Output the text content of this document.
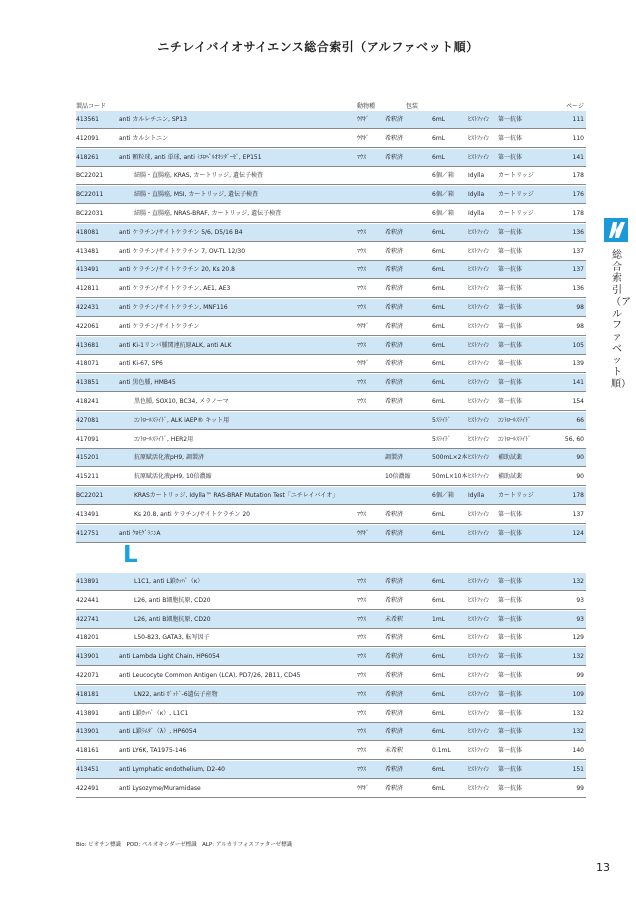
ニチレイバイオサイエンス総合索引（アルファベット順）
製品コード	動物種	包装	ページ
413561	anti カルレチニン, SP13	ｳｻｷﾞ	希釈済	6mL	ﾋｽﾄﾌｧｲﾝ 第一抗体	111
412091	anti カルシトニン	ｳｻｷﾞ	希釈済	6mL	ﾋｽﾄﾌｧｲﾝ 第一抗体	110
418261	anti 顆粒球, anti 単球, anti ﾐｴﾛﾍﾟﾙｵｷｼﾀﾞｰｾﾞ, EP151	ﾏｳｽ	希釈済	6mL	ﾋｽﾄﾌｧｲﾝ 第一抗体	141
BC22021	結腸・直腸癌, KRAS, カートリッジ, 遺伝子検査	6個／箱 Idylla カートリッジ	178
BC22011	結腸・直腸癌, MSI, カートリッジ, 遺伝子検査	6個／箱 Idylla カートリッジ	176
BC22031	結腸・直腸癌, NRAS-BRAF, カートリッジ, 遺伝子検査	6個／箱 Idylla カートリッジ	178
418081	anti ケラチン/サイトケラチン 5/6, D5/16 B4	ﾏｳｽ	希釈済	6mL	ﾋｽﾄﾌｧｲﾝ 第一抗体	136
413481	anti ケラチン/サイトケラチン 7, OV-TL 12/30	ﾏｳｽ	希釈済	6mL	ﾋｽﾄﾌｧｲﾝ 第一抗体	137
413491	anti ケラチン/サイトケラチン 20, Ks 20.8	ﾏｳｽ	希釈済	6mL	ﾋｽﾄﾌｧｲﾝ 第一抗体	137
412811	anti ケラチン/サイトケラチン, AE1, AE3	ﾏｳｽ	希釈済	6mL	ﾋｽﾄﾌｧｲﾝ 第一抗体	136
422431	anti ケラチン/サイトケラチン, MNF116	ﾏｳｽ	希釈済	6mL	ﾋｽﾄﾌｧｲﾝ 第一抗体	98
422061	anti ケラチン/サイトケラチン	ｳｻｷﾞ	希釈済	6mL	ﾋｽﾄﾌｧｲﾝ 第一抗体	98
413681	anti Ki-1リンパ腫関連抗原ALK, anti ALK	ﾏｳｽ	希釈済	6mL	ﾋｽﾄﾌｧｲﾝ 第一抗体	105
418071	anti Ki-67, SP6	ｳｻｷﾞ	希釈済	6mL	ﾋｽﾄﾌｧｲﾝ 第一抗体	139
413851	anti 黒色腫, HMB45	ﾏｳｽ	希釈済	6mL	ﾋｽﾄﾌｧｲﾝ 第一抗体	141
418241	黒色腫, SOX10, BC34, メラノーマ	ﾏｳｽ	希釈済	6mL	ﾋｽﾄﾌｧｲﾝ 第一抗体	154
427081	ｺﾝﾄﾛｰﾙｽﾗｲﾄﾞ, ALK iAEP® キット用	5ｽﾗｲﾄﾞ	ﾋｽﾄﾌｧｲﾝ ｺﾝﾄﾛｰﾙｽﾗｲﾄﾞ	66
417091	ｺﾝﾄﾛｰﾙｽﾗｲﾄﾞ, HER2用	5ｽﾗｲﾄﾞ	ﾋｽﾄﾌｧｲﾝ ｺﾝﾄﾛｰﾙｽﾗｲﾄﾞ	56, 60
415201	抗原賦活化液pH9, 調製済	調製済	500mL×2本 ﾋｽﾄﾌｧｲﾝ 補助試薬	90
415211	抗原賦活化液pH9, 10倍濃縮	10倍濃縮	50mL×10本 ﾋｽﾄﾌｧｲﾝ 補助試薬	90
BC22021	KRASカートリッジ, Idylla™ RAS-BRAF Mutation Test「ニチレイバイオ」	6個／箱 Idylla カートリッジ	178
413491	Ks 20.8, anti ケラチン/サイトケラチン 20	ﾏｳｽ	希釈済	6mL	ﾋｽﾄﾌｧｲﾝ 第一抗体	137
412751	anti ｸﾛﾓｸﾞﾗﾆﾝA	ｳｻｷﾞ	希釈済	6mL	ﾋｽﾄﾌｧｲﾝ 第一抗体	124
L
413891	L1C1, anti L鎖ｶｯﾊﾟ（κ）	ﾏｳｽ	希釈済	6mL	ﾋｽﾄﾌｧｲﾝ 第一抗体	132
422441	L26, anti B細胞抗原, CD20	ﾏｳｽ	希釈済	6mL	ﾋｽﾄﾌｧｲﾝ 第一抗体	93
422741	L26, anti B細胞抗原, CD20	ﾏｳｽ	未希釈	1mL	ﾋｽﾄﾌｧｲﾝ 第一抗体	93
418201	L50-823, GATA3, 転写因子	ﾏｳｽ	希釈済	6mL	ﾋｽﾄﾌｧｲﾝ 第一抗体	129
413901	anti Lambda Light Chain, HP6054	ﾏｳｽ	希釈済	6mL	ﾋｽﾄﾌｧｲﾝ 第一抗体	132
422071	anti Leucocyte Common Antigen (LCA), PD7/26, 2B11, CD45	ﾏｳｽ	希釈済	6mL	ﾋｽﾄﾌｧｲﾝ 第一抗体	99
418181	LN22, anti ｶﾞｯﾄﾞ-6遺伝子産物	ﾏｳｽ	希釈済	6mL	ﾋｽﾄﾌｧｲﾝ 第一抗体	109
413891	anti L鎖ｶｯﾊﾟ（κ）, L1C1	ﾏｳｽ	希釈済	6mL	ﾋｽﾄﾌｧｲﾝ 第一抗体	132
413901	anti L鎖ﾗﾑﾀﾞ（λ）, HP6054	ﾏｳｽ	希釈済	6mL	ﾋｽﾄﾌｧｲﾝ 第一抗体	132
418161	anti LY6K, TA1975-146	ﾏｳｽ	未希釈	0.1mL	ﾋｽﾄﾌｧｲﾝ 第一抗体	140
413451	anti Lymphatic endothelium, D2-40	ﾏｳｽ	希釈済	6mL	ﾋｽﾄﾌｧｲﾝ 第一抗体	151
422491	anti Lysozyme/Muramidase	ｳｻｷﾞ	希釈済	6mL	ﾋｽﾄﾌｧｲﾝ 第一抗体	99
総合索引（アルファベット順）
Bio: ビオチン標識　POD: ペルオキシダーゼ標識　ALP: アルカリフォスファターゼ標識
13
